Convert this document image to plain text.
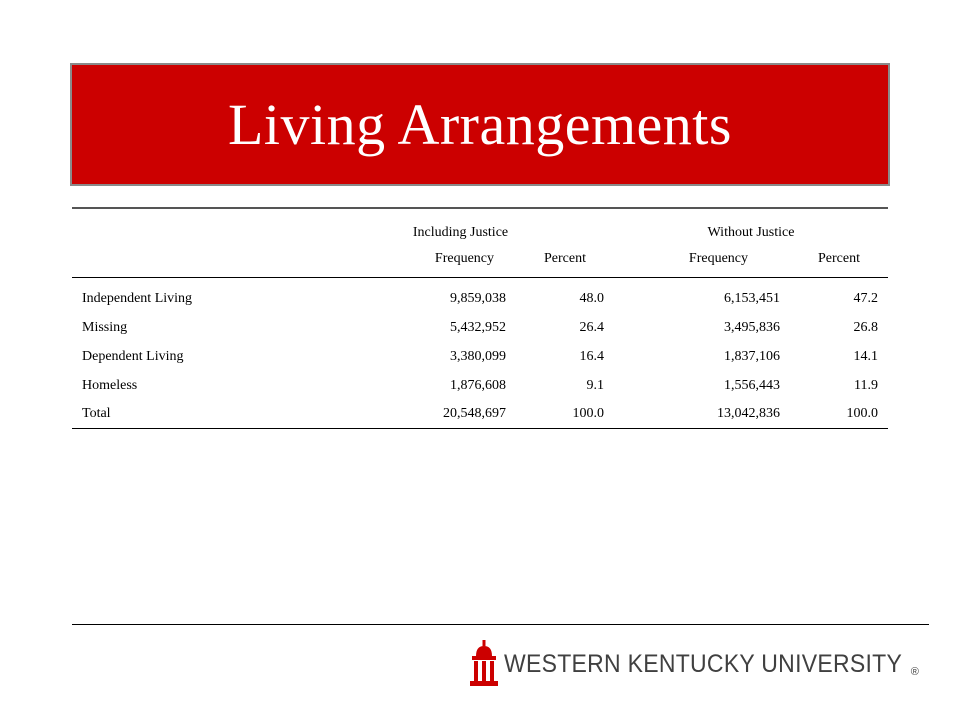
Living Arrangements
	Including Justice		Without Justice	
	Frequency	Percent	Frequency	Percent
Independent Living	9,859,038	48.0	6,153,451	47.2
Missing	5,432,952	26.4	3,495,836	26.8
Dependent Living	3,380,099	16.4	1,837,106	14.1
Homeless	1,876,608	9.1	1,556,443	11.9
Total	20,548,697	100.0	13,042,836	100.0
WESTERN KENTUCKY UNIVERSITY ®
